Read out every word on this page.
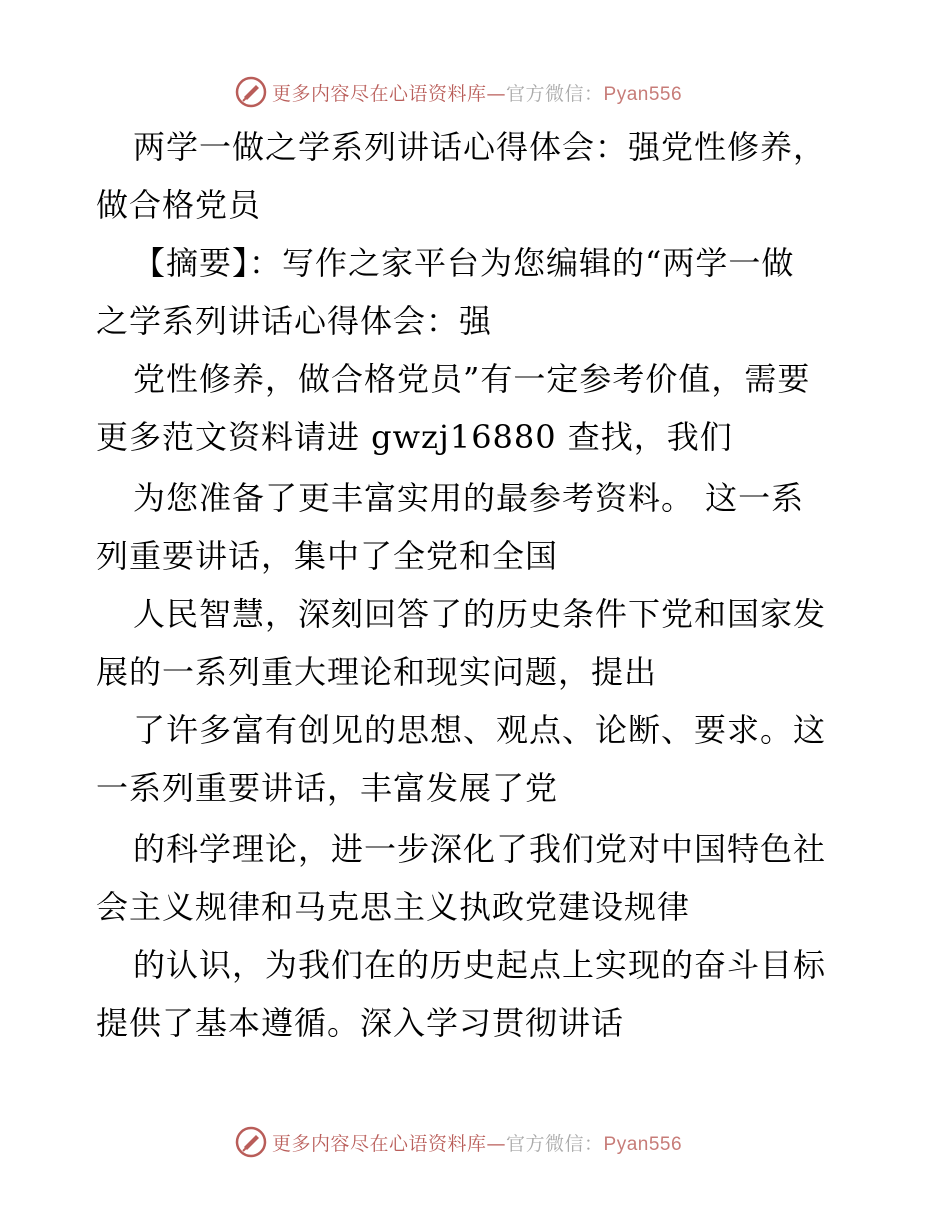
更多内容尽在心语资料库—官方微信：Pyan556
两学一做之学系列讲话心得体会：强党性修养，
做合格党员
【摘要】：写作之家平台为您编辑的“两学一做
之学系列讲话心得体会：强
党性修养，做合格党员”有一定参考价值，需要
更多范文资料请进 gwzj16880 查找，我们
为您准备了更丰富实用的最参考资料。 这一系
列重要讲话，集中了全党和全国
人民智慧，深刻回答了的历史条件下党和国家发
展的一系列重大理论和现实问题，提出
了许多富有创见的思想、观点、论断、要求。这
一系列重要讲话，丰富发展了党
的科学理论，进一步深化了我们党对中国特色社
会主义规律和马克思主义执政党建设规律
的认识，为我们在的历史起点上实现的奋斗目标
提供了基本遵循。深入学习贯彻讲话
更多内容尽在心语资料库—官方微信：Pyan556
